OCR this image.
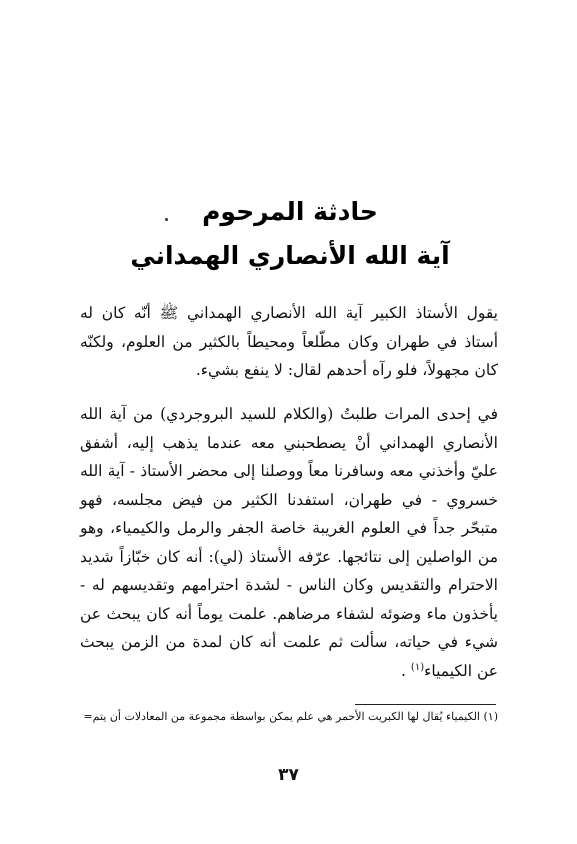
حادثة المرحوم
آية الله الأنصاري الهمداني
يقول الأستاذ الكبير آية الله الأنصاري الهمداني ﷺ أنّه كان له أستاذ في طهران وكان مطّلعاً ومحيطاً بالكثير من العلوم، ولكنّه كان مجهولاً، فلو رآه أحدهم لقال: لا ينفع بشيء.
في إحدى المرات طلبتُ (والكلام للسيد البروجردي) من آية الله الأنصاري الهمداني أنْ يصطحبني معه عندما يذهب إليه، أشفق عليّ وأخذني معه وسافرنا معاً ووصلنا إلى محضر الأستاذ - آية الله خسروي - في طهران، استفدنا الكثير من فيض مجلسه، فهو متبحّر جداً في العلوم الغريبة خاصة الجفر والرمل والكيمياء، وهو من الواصلين إلى نتائجها. عرّفه الأستاذ (لي): أنه كان خبّازاً شديد الاحترام والتقديس وكان الناس - لشدة احترامهم وتقديسهم له - يأخذون ماء وضوئه لشفاء مرضاهم. علمت يوماً أنه كان يبحث عن شيء في حياته، سألت ثم علمت أنه كان لمدة من الزمن يبحث عن الكيمياء$^{(١)}$ .
(١) الكيمياء يُقال لها الكبريت الأحمر هي علم يمكن بواسطة مجموعة من المعادلات أن يتم=
٣٧
